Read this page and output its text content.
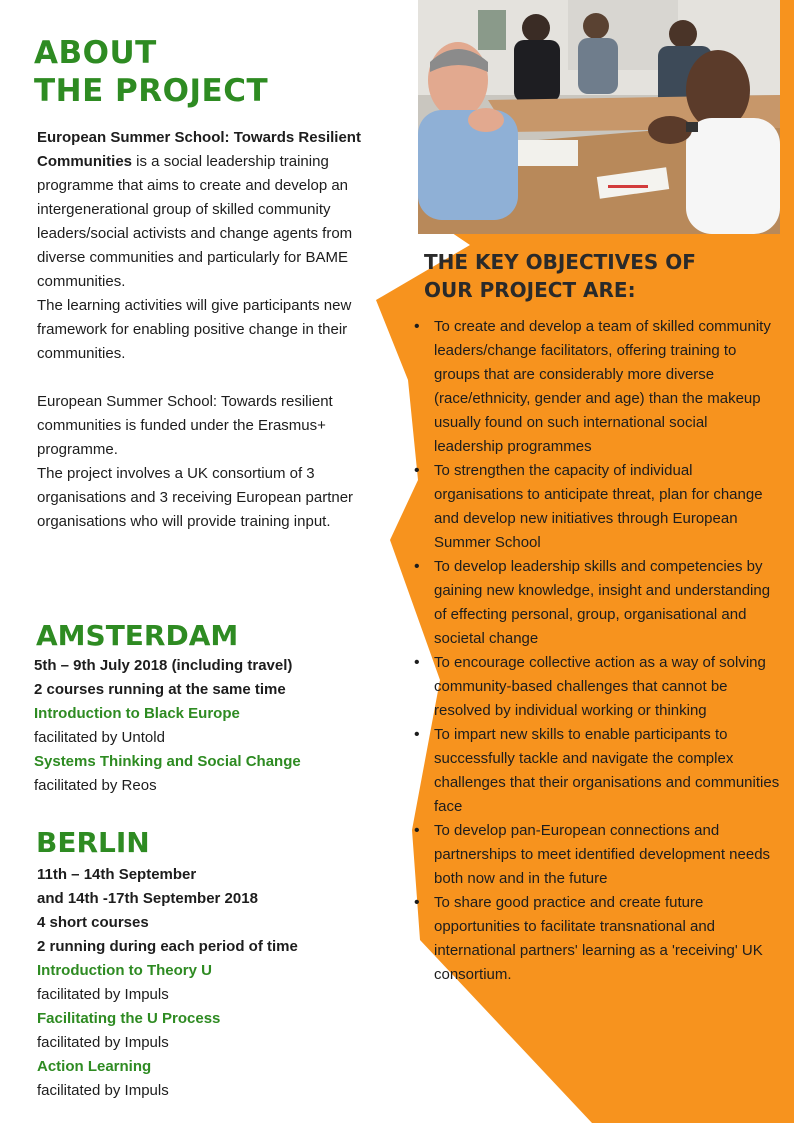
ABOUT
THE PROJECT

European Summer School: Towards Resilient Communities is a social leadership training programme that aims to create and develop an intergenerational group of skilled community leaders/social activists and change agents from diverse communities and particularly for BAME communities.

The learning activities will give participants new framework for enabling positive change in their communities.

European Summer School: Towards resilient communities is funded under the Erasmus+ programme.

The project involves a UK consortium of 3 organisations and 3 receiving European partner organisations who will provide training input.

AMSTERDAM
5th – 9th July 2018 (including travel)
2 courses running at the same time
Introduction to Black Europe
facilitated by Untold
Systems Thinking and Social Change
facilitated by Reos
BERLIN
11th – 14th September
and 14th -17th September 2018
4 short courses
2 running during each period of time
Introduction to Theory U
facilitated by Impuls
Facilitating the U Process
facilitated by Impuls
Action Learning
facilitated by Impuls
THE KEY OBJECTIVES OF
OUR PROJECT ARE:
• To create and develop a team of skilled community leaders/change facilitators, offering training to groups that are considerably more diverse (race/ethnicity, gender and age) than the makeup usually found on such international social leadership programmes
• To strengthen the capacity of individual organisations to anticipate threat, plan for change and develop new initiatives through European Summer School
• To develop leadership skills and competencies by gaining new knowledge, insight and understanding of effecting personal, group, organisational and societal change
• To encourage collective action as a way of solving community-based challenges that cannot be resolved by individual working or thinking
• To impart new skills to enable participants to successfully tackle and navigate the complex challenges that their organisations and communities face
• To develop pan-European connections and partnerships to meet identified development needs both now and in the future
• To share good practice and create future opportunities to facilitate transnational and international partners' learning as a 'receiving' UK consortium.
